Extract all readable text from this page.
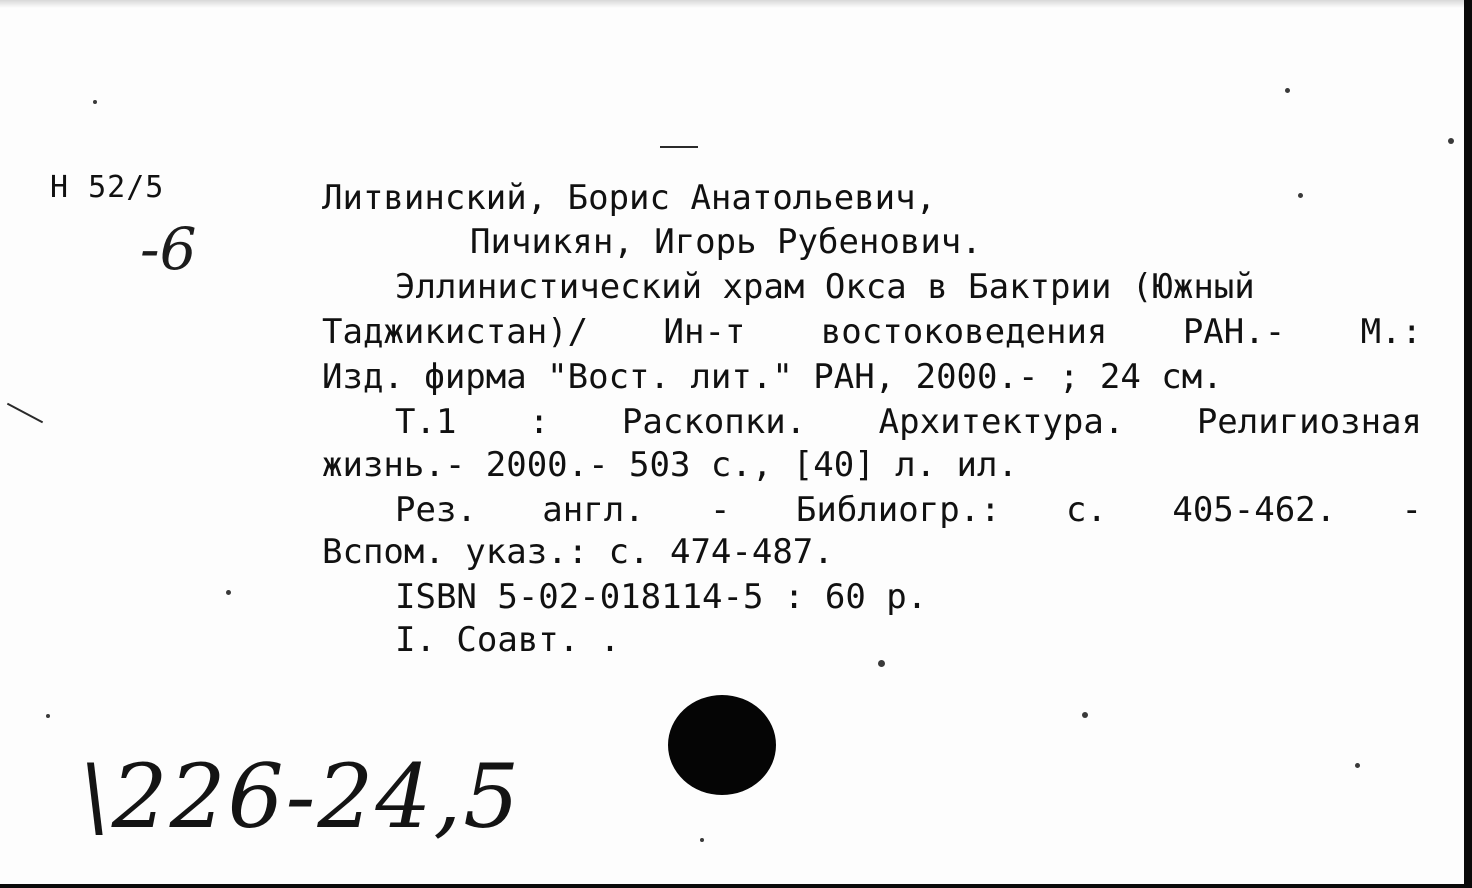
Н 52/5
-6
Литвинский, Борис Анатольевич,
Пичикян, Игорь Рубенович.
Эллинистический храм Окса в Бактрии (Южный
Таджикистан)/ Ин-т востоковедения РАН.- М.:
Изд. фирма "Вост. лит." РАН, 2000.- ; 24 см.
Т.1 : Раскопки. Архитектура. Религиозная
жизнь.- 2000.- 503 с., [40] л. ил.
Рез. англ. - Библиогр.: с. 405-462. -
Вспом. указ.: с. 474-487.
ISBN 5-02-018114-5 : 60 р.
I. Соавт. .
\226-24,5
